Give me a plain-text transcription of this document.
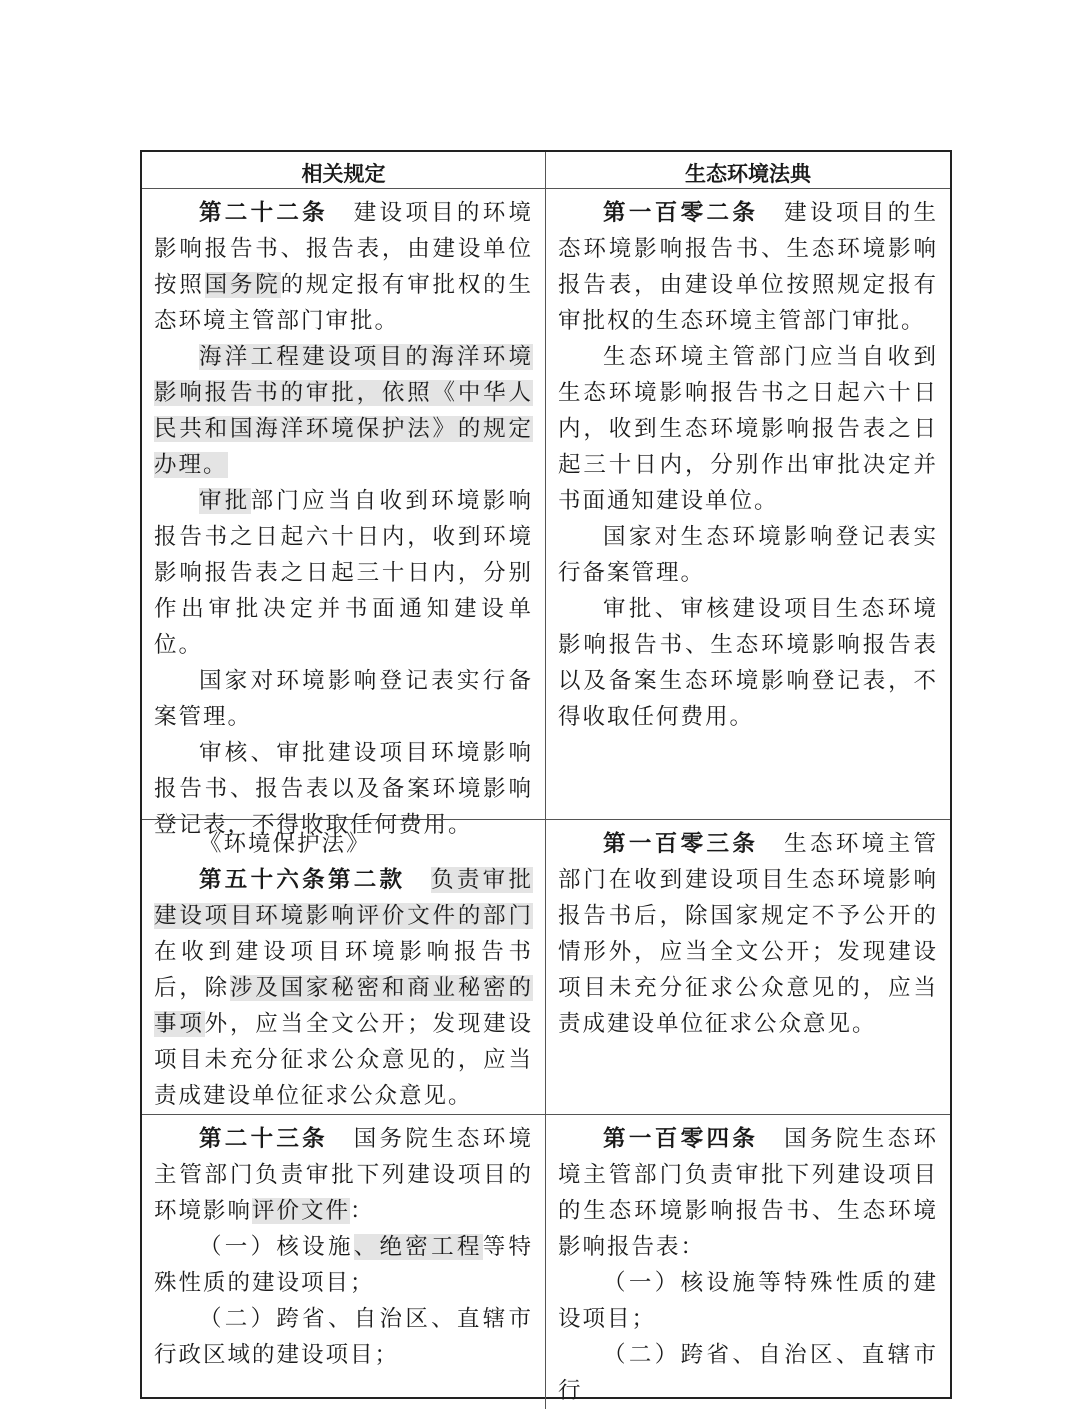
相关规定	生态环境法典

第二十二条　 建设项目的环境影响报告书、报告表，由建设单位按照国务院的规定报有审批权的生态环境主管部门审批。

海洋工程建设项目的海洋环境影响报告书的审批，依照《中华人民共和国海洋环境保护法》的规定办理。

审批部门应当自收到环境影响报告书之日起六十日内，收到环境影响报告表之日起三十日内，分别作出审批决定并书面通知建设单位。

国家对环境影响登记表实行备案管理。

审核、审批建设项目环境影响报告书、报告表以及备案环境影响登记表，不得收取任何费用。

第一百零二条　 建设项目的生态环境影响报告书、生态环境影响报告表，由建设单位按照规定报有审批权的生态环境主管部门审批。

生态环境主管部门应当自收到生态环境影响报告书之日起六十日内，收到生态环境影响报告表之日起三十日内，分别作出审批决定并书面通知建设单位。

国家对生态环境影响登记表实行备案管理。

审批、审核建设项目生态环境影响报告书、生态环境影响报告表以及备案生态环境影响登记表，不得收取任何费用。

《环境保护法》

第五十六条第二款　 负责审批建设项目环境影响评价文件的部门在收到建设项目环境影响报告书后，除涉及国家秘密和商业秘密的事项外，应当全文公开；发现建设项目未充分征求公众意见的，应当责成建设单位征求公众意见。

第一百零三条　 生态环境主管部门在收到建设项目生态环境影响报告书后，除国家规定不予公开的情形外，应当全文公开；发现建设项目未充分征求公众意见的，应当责成建设单位征求公众意见。

第二十三条　 国务院生态环境主管部门负责审批下列建设项目的环境影响评价文件：

（一）核设施、绝密工程等特殊性质的建设项目；

（二）跨省、自治区、直辖市行政区域的建设项目；

第一百零四条　 国务院生态环境主管部门负责审批下列建设项目的生态环境影响报告书、生态环境影响报告表：

（一）核设施等特殊性质的建设项目；

（二）跨省、自治区、直辖市行
